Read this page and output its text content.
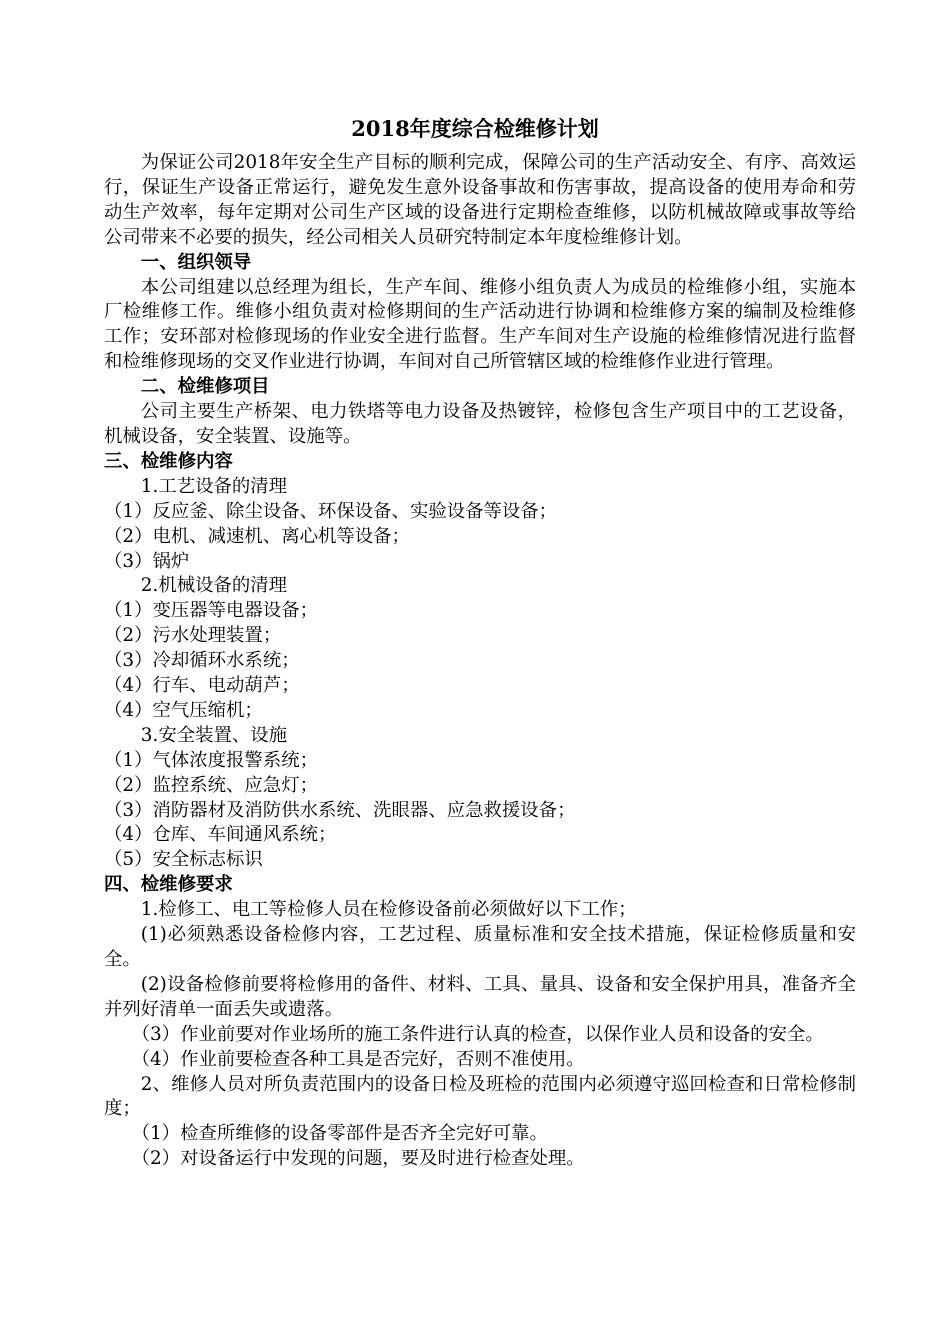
2018年度综合检维修计划

为保证公司2018年安全生产目标的顺利完成，保障公司的生产活动安全、有序、高效运行，保证生产设备正常运行，避免发生意外设备事故和伤害事故，提高设备的使用寿命和劳动生产效率，每年定期对公司生产区域的设备进行定期检查维修，以防机械故障或事故等给公司带来不必要的损失，经公司相关人员研究特制定本年度检维修计划。

一、组织领导

本公司组建以总经理为组长，生产车间、维修小组负责人为成员的检维修小组，实施本厂检维修工作。维修小组负责对检修期间的生产活动进行协调和检维修方案的编制及检维修工作；安环部对检修现场的作业安全进行监督。生产车间对生产设施的检维修情况进行监督和检维修现场的交叉作业进行协调，车间对自己所管辖区域的检维修作业进行管理。

二、检维修项目

公司主要生产桥架、电力铁塔等电力设备及热镀锌，检修包含生产项目中的工艺设备，机械设备，安全装置、设施等。

三、检维修内容

1.工艺设备的清理

（1）反应釜、除尘设备、环保设备、实验设备等设备；

（2）电机、减速机、离心机等设备；

（3）锅炉

2.机械设备的清理

（1）变压器等电器设备；

（2）污水处理装置；

（3）冷却循环水系统；

（4）行车、电动葫芦；

（4）空气压缩机；

3.安全装置、设施

（1）气体浓度报警系统；

（2）监控系统、应急灯；

（3）消防器材及消防供水系统、洗眼器、应急救援设备；

（4）仓库、车间通风系统；

（5）安全标志标识

四、检维修要求

1.检修工、电工等检修人员在检修设备前必须做好以下工作；

(1)必须熟悉设备检修内容，工艺过程、质量标准和安全技术措施，保证检修质量和安全。

(2)设备检修前要将检修用的备件、材料、工具、量具、设备和安全保护用具，准备齐全并列好清单一面丢失或遗落。

（3）作业前要对作业场所的施工条件进行认真的检查，以保作业人员和设备的安全。

（4）作业前要检查各种工具是否完好，否则不准使用。

2、维修人员对所负责范围内的设备日检及班检的范围内必须遵守巡回检查和日常检修制度；

（1）检查所维修的设备零部件是否齐全完好可靠。

（2）对设备运行中发现的问题，要及时进行检查处理。
